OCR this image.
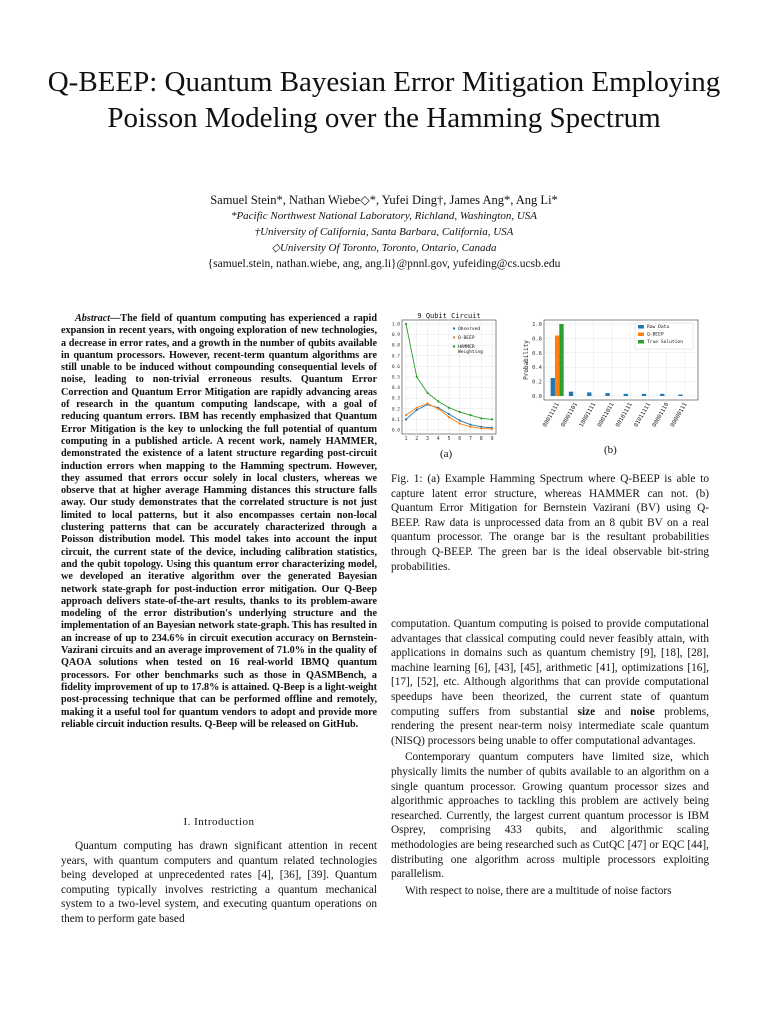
Q-BEEP: Quantum Bayesian Error Mitigation Employing Poisson Modeling over the Hamming Spectrum
Samuel Stein*, Nathan Wiebe◇*, Yufei Ding†, James Ang*, Ang Li*
*Pacific Northwest National Laboratory, Richland, Washington, USA
†University of California, Santa Barbara, California, USA
◇University Of Toronto, Toronto, Ontario, Canada
{samuel.stein, nathan.wiebe, ang, ang.li}@pnnl.gov, yufeiding@cs.ucsb.edu

Abstract—The field of quantum computing has experienced a rapid expansion in recent years, with ongoing exploration of new technologies, a decrease in error rates, and a growth in the number of qubits available in quantum processors. However, recent-term quantum algorithms are still unable to be induced without compounding consequential levels of noise, leading to non-trivial erroneous results. Quantum Error Correction and Quantum Error Mitigation are rapidly advancing areas of research in the quantum computing landscape, with a goal of reducing quantum errors. IBM has recently emphasized that Quantum Error Mitigation is the key to unlocking the full potential of quantum computing in a published article. A recent work, namely HAMMER, demonstrated the existence of a latent structure regarding post-circuit induction errors when mapping to the Hamming spectrum. However, they assumed that errors occur solely in local clusters, whereas we observe that at higher average Hamming distances this structure falls away. Our study demonstrates that the correlated structure is not just limited to local patterns, but it also encompasses certain non-local clustering patterns that can be accurately characterized through a Poisson distribution model. This model takes into account the input circuit, the current state of the device, including calibration statistics, and the qubit topology. Using this quantum error characterizing model, we developed an iterative algorithm over the generated Bayesian network state-graph for post-induction error mitigation. Our Q-Beep approach delivers state-of-the-art results, thanks to its problem-aware modeling of the error distribution's underlying structure and the implementation of an Bayesian network state-graph. This has resulted in an increase of up to 234.6% in circuit execution accuracy on Bernstein-Vazirani circuits and an average improvement of 71.0% in the quality of QAOA solutions when tested on 16 real-world IBMQ quantum processors. For other benchmarks such as those in QASMBench, a fidelity improvement of up to 17.8% is attained. Q-Beep is a light-weight post-processing technique that can be performed offline and remotely, making it a useful tool for quantum vendors to adopt and provide more reliable circuit induction results. Q-Beep will be released on GitHub.

I. Introduction

Quantum computing has drawn significant attention in recent years, with quantum computers and quantum related technologies being developed at unprecedented rates [4], [36], [39]. Quantum computing typically involves restricting a quantum mechanical system to a two-level system, and executing quantum operations on them to perform gate based

9 Qubit Circuit
0.0
0.1
0.2
0.3
0.4
0.5
0.6
0.7
0.8
0.9
1.0
1 2 3 4 5 6 7 8 9
Observed
Q-BEEP
HAMMER
Weighting
(a)
Probability
0.0
0.2
0.4
0.6
0.8
1.0
00011111 00001101 10001111 00011011 00101111 01011111 00001110 00000111
Raw Data
Q-BEEP
True Solution
(b)

Fig. 1: (a) Example Hamming Spectrum where Q-BEEP is able to capture latent error structure, whereas HAMMER can not. (b) Quantum Error Mitigation for Bernstein Vazirani (BV) using Q-BEEP. Raw data is unprocessed data from an 8 qubit BV on a real quantum processor. The orange bar is the resultant probabilities through Q-BEEP. The green bar is the ideal observable bit-string probabilities.

computation. Quantum computing is poised to provide computational advantages that classical computing could never feasibly attain, with applications in domains such as quantum chemistry [9], [18], [28], machine learning [6], [43], [45], arithmetic [41], optimizations [16], [17], [52], etc. Although algorithms that can provide computational speedups have been theorized, the current state of quantum computing suffers from substantial size and noise problems, rendering the present near-term noisy intermediate scale quantum (NISQ) processors being unable to offer computational advantages.

Contemporary quantum computers have limited size, which physically limits the number of qubits available to an algorithm on a single quantum processor. Growing quantum processor sizes and algorithmic approaches to tackling this problem are actively being researched. Currently, the largest current quantum processor is IBM Osprey, comprising 433 qubits, and algorithmic scaling methodologies are being researched such as CutQC [47] or EQC [44], distributing one algorithm across multiple processors exploiting parallelism.

With respect to noise, there are a multitude of noise factors
